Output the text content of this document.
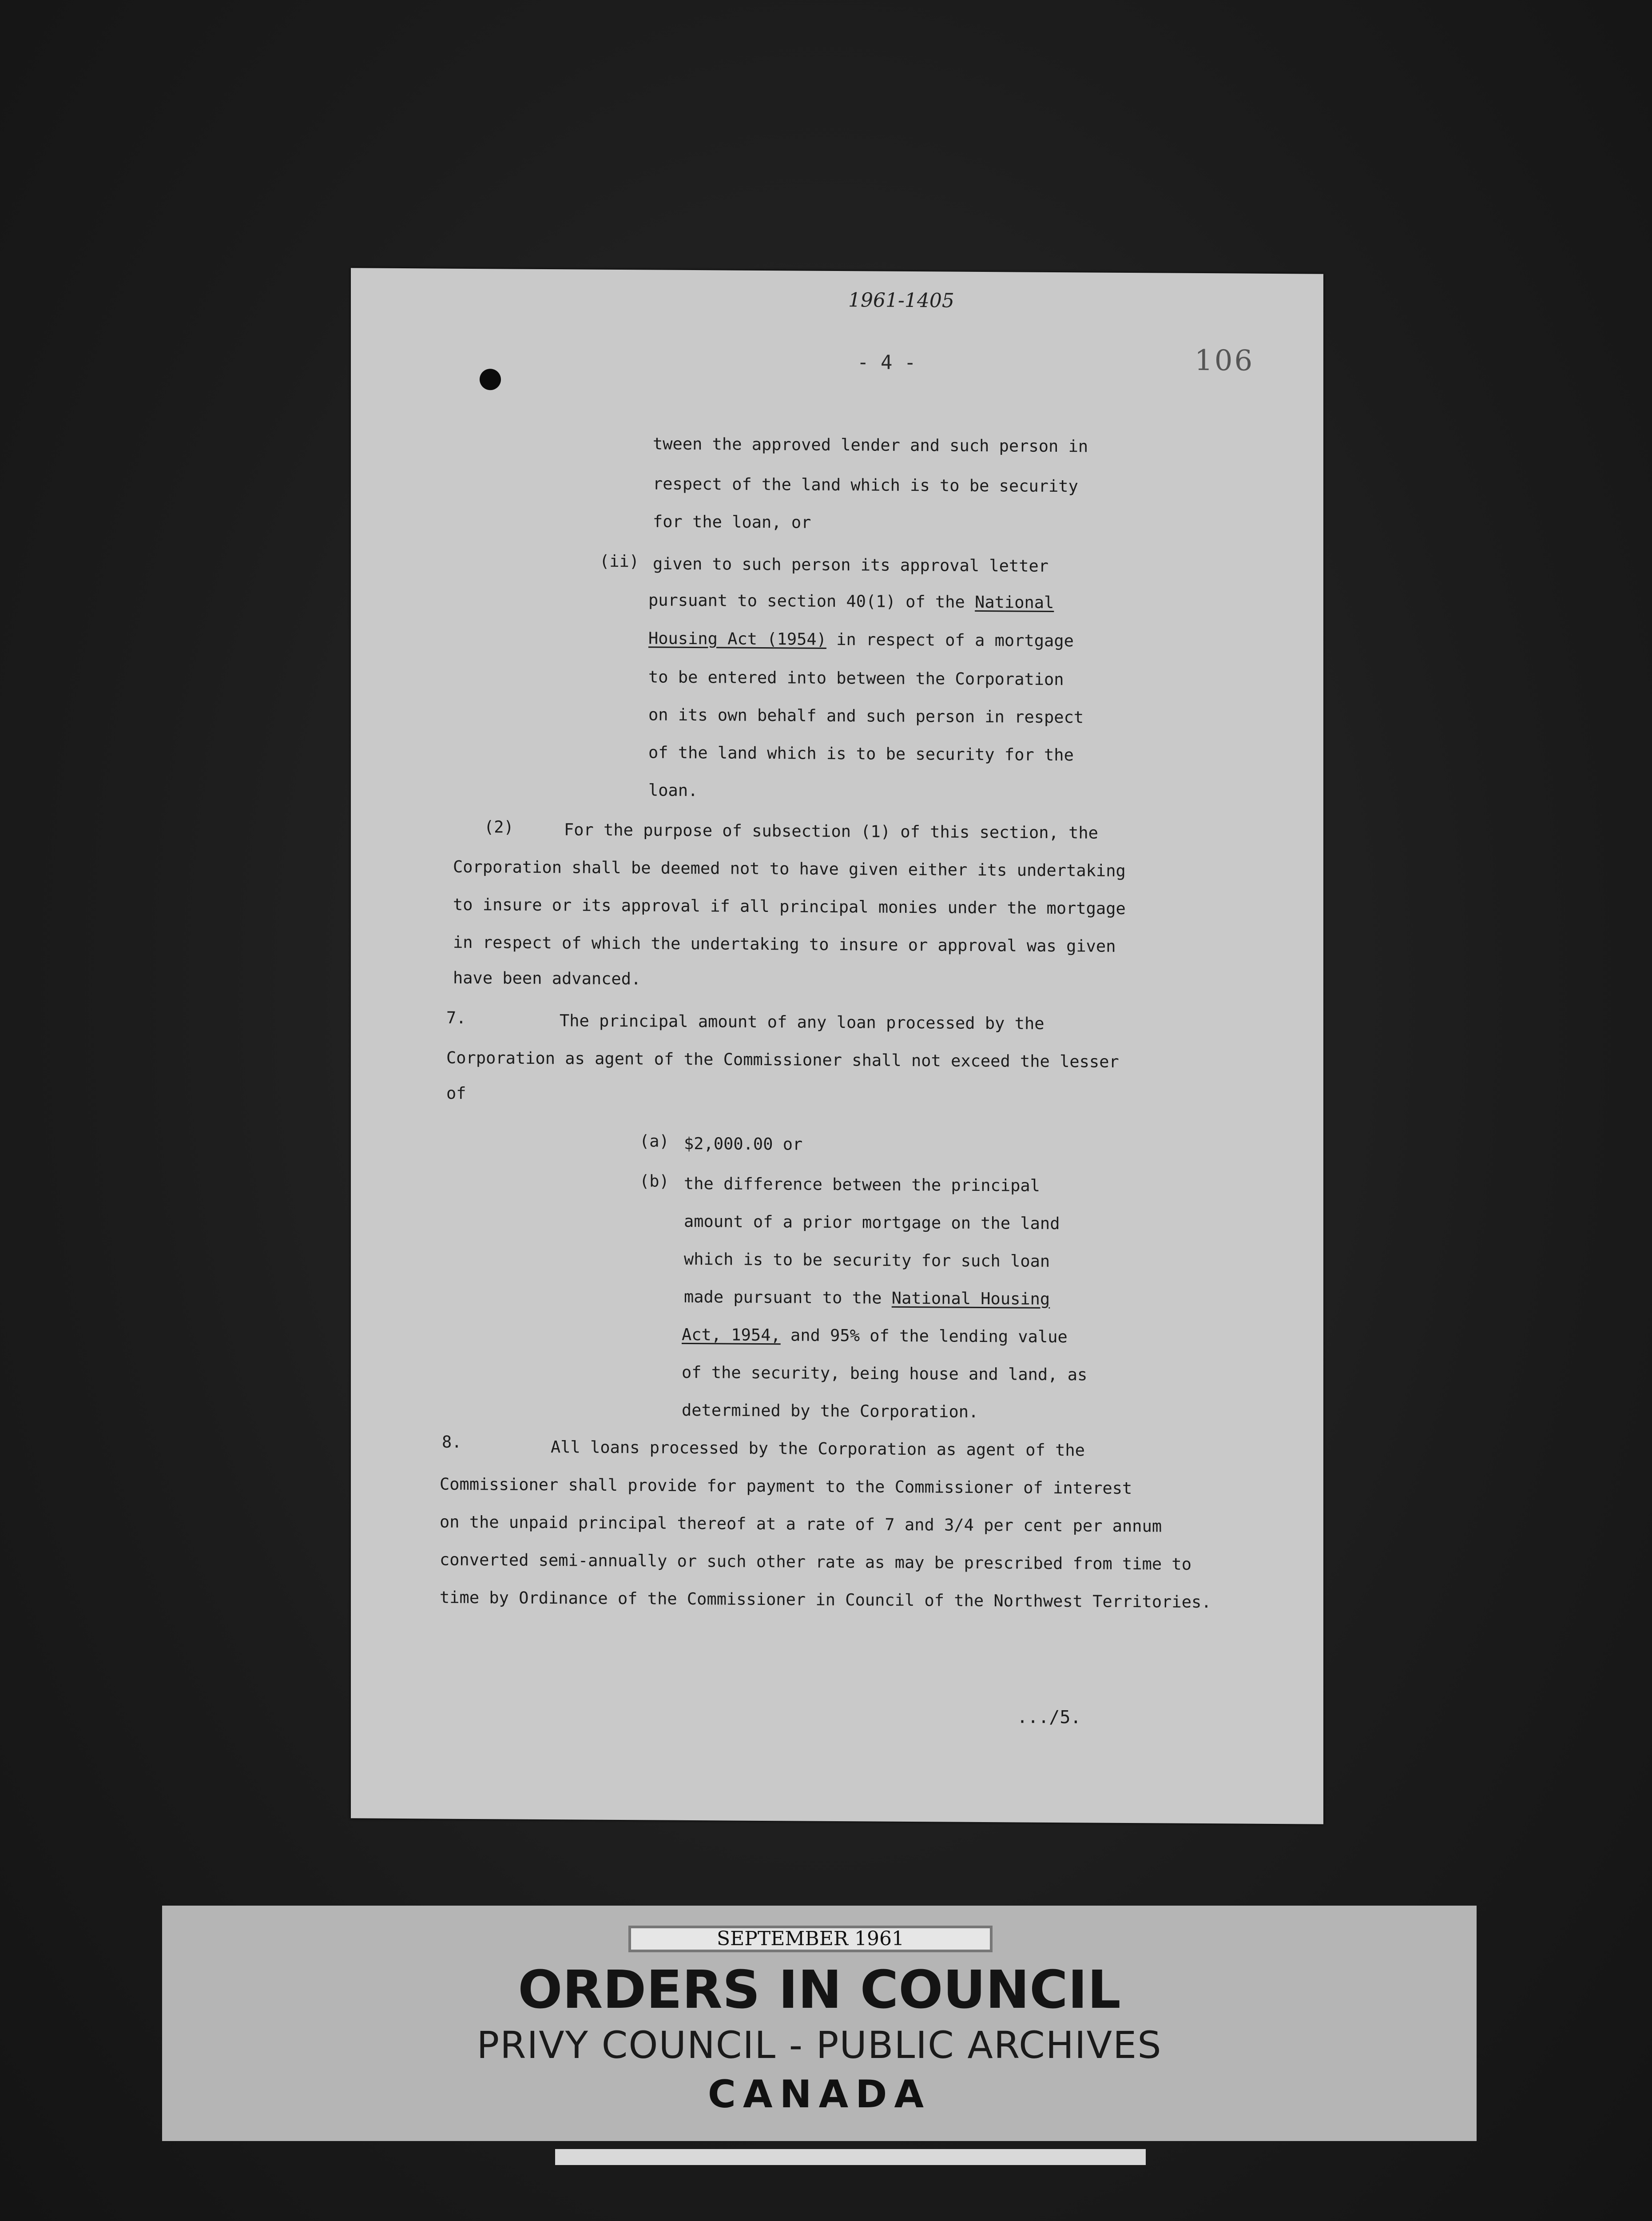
1961-1405
- 4 -	106
tween the approved lender and such person in
respect of the land which is to be security
for the loan, or
(ii) given to such person its approval letter
pursuant to section 40(1) of the National
Housing Act (1954) in respect of a mortgage
to be entered into between the Corporation
on its own behalf and such person in respect
of the land which is to be security for the
loan.
(2)	For the purpose of subsection (1) of this section, the
Corporation shall be deemed not to have given either its undertaking
to insure or its approval if all principal monies under the mortgage
in respect of which the undertaking to insure or approval was given
have been advanced.
7.	The principal amount of any loan processed by the
Corporation as agent of the Commissioner shall not exceed the lesser
of
(a) $2,000.00 or
(b) the difference between the principal
amount of a prior mortgage on the land
which is to be security for such loan
made pursuant to the National Housing
Act, 1954, and 95% of the lending value
of the security, being house and land, as
determined by the Corporation.
8.	All loans processed by the Corporation as agent of the
Commissioner shall provide for payment to the Commissioner of interest
on the unpaid principal thereof at a rate of 7 and 3/4 per cent per annum
converted semi-annually or such other rate as may be prescribed from time to
time by Ordinance of the Commissioner in Council of the Northwest Territories.
.../5.
SEPTEMBER 1961
ORDERS IN COUNCIL
PRIVY COUNCIL - PUBLIC ARCHIVES
CANADA
